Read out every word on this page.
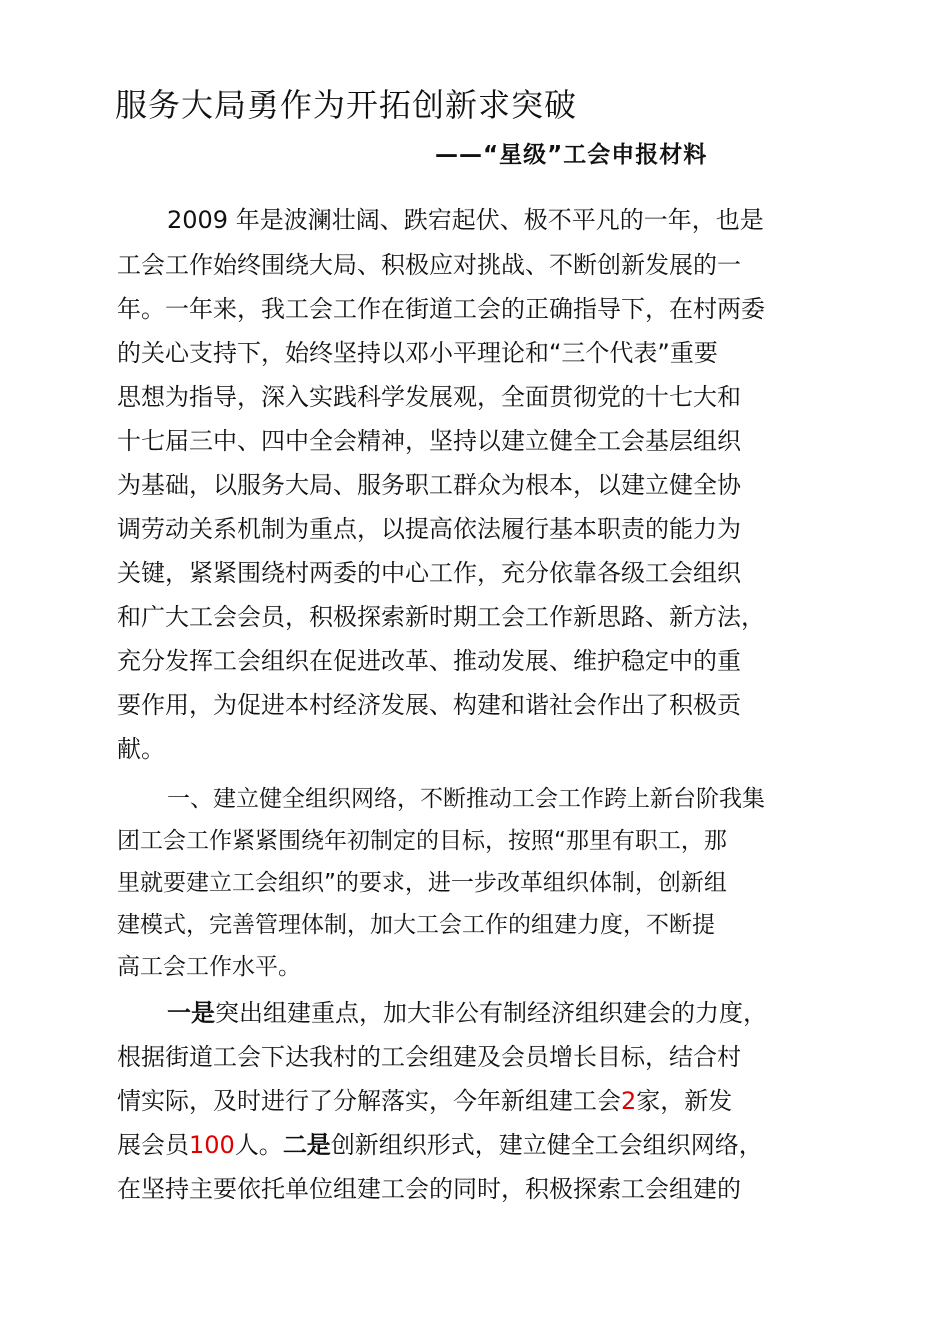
服务大局勇作为开拓创新求突破
——“星级”工会申报材料
2009 年是波澜壮阔、跌宕起伏、极不平凡的一年，也是
工会工作始终围绕大局、积极应对挑战、不断创新发展的一
年。一年来，我工会工作在街道工会的正确指导下，在村两委
的关心支持下，始终坚持以邓小平理论和“三个代表”重要
思想为指导，深入实践科学发展观，全面贯彻党的十七大和
十七届三中、四中全会精神，坚持以建立健全工会基层组织
为基础，以服务大局、服务职工群众为根本，以建立健全协
调劳动关系机制为重点，以提高依法履行基本职责的能力为
关键，紧紧围绕村两委的中心工作，充分依靠各级工会组织
和广大工会会员，积极探索新时期工会工作新思路、新方法，
充分发挥工会组织在促进改革、推动发展、维护稳定中的重
要作用，为促进本村经济发展、构建和谐社会作出了积极贡
献。
一、建立健全组织网络，不断推动工会工作跨上新台阶我集
团工会工作紧紧围绕年初制定的目标，按照“那里有职工，那
里就要建立工会组织”的要求，进一步改革组织体制，创新组
建模式，完善管理体制，加大工会工作的组建力度，不断提
高工会工作水平。
一是突出组建重点，加大非公有制经济组织建会的力度，
根据街道工会下达我村的工会组建及会员增长目标，结合村
情实际，及时进行了分解落实，今年新组建工会2家，新发
展会员100人。二是创新组织形式，建立健全工会组织网络，
在坚持主要依托单位组建工会的同时，积极探索工会组建的
